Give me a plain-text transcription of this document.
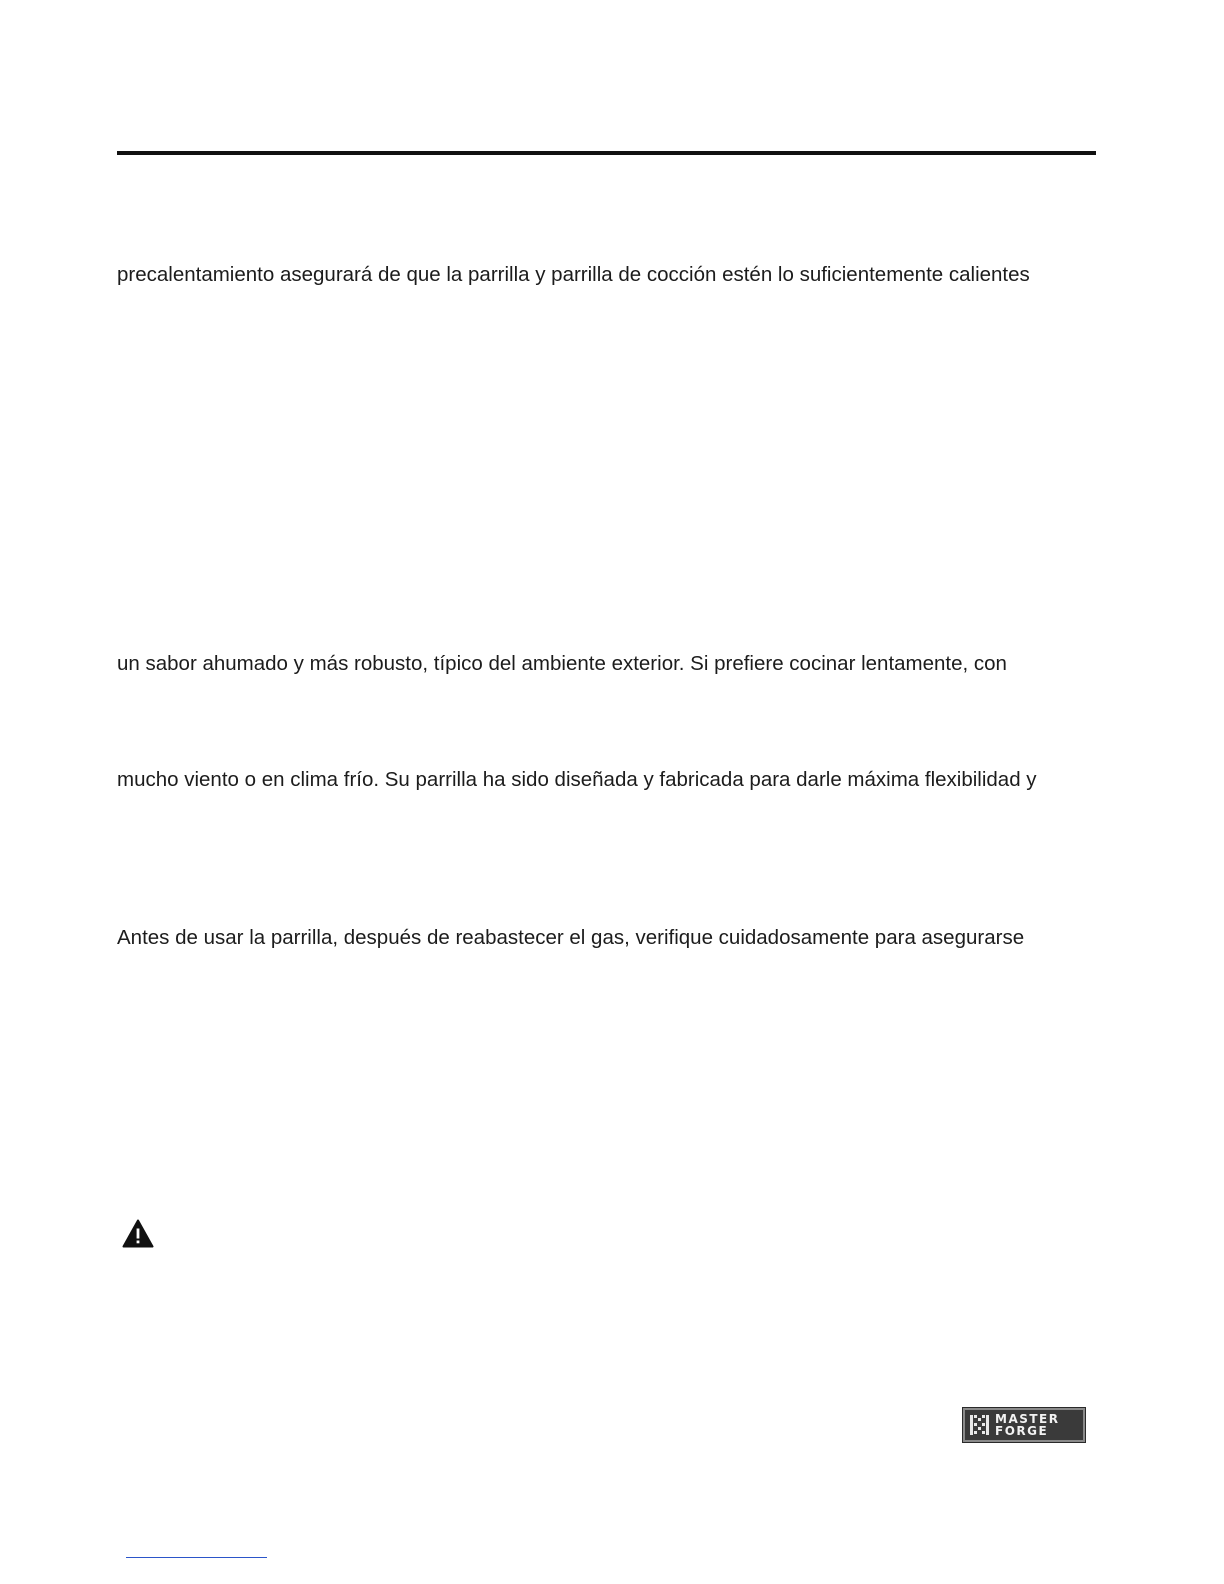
precalentamiento asegurará de que la parrilla y parrilla de cocción estén lo suficientemente calientes
un sabor ahumado y más robusto, típico del ambiente exterior. Si prefiere cocinar lentamente, con
mucho viento o en clima frío. Su parrilla ha sido diseñada y fabricada para darle máxima flexibilidad y
Antes de usar la parrilla, después de reabastecer el gas, verifique cuidadosamente para asegurarse
MASTER
FORGE
